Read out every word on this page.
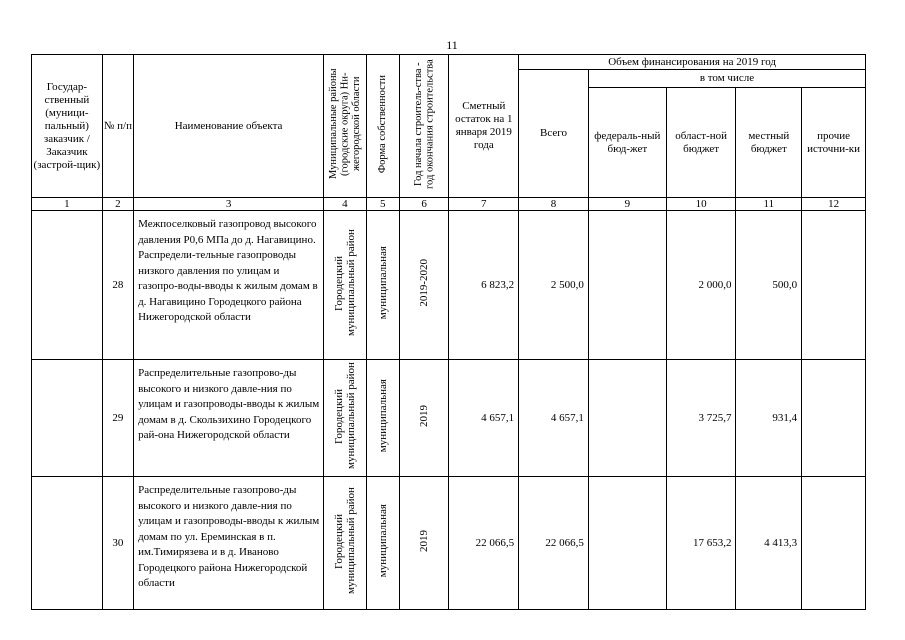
11
Государ-ственный (муници-пальный) заказчик / Заказчик (застрой-щик)	№ п/п	Наименование объекта	Муниципальные районы (городские округа) Ни-жегородской области	Форма собственности	Год начала строитель-ства - год окончания строительства	Сметный остаток на 1 января 2019 года	Объем финансирования на 2019 год				
							Всего	в том числе			
								федераль-ный бюд-жет	област-ной бюджет	местный бюджет	прочие источни-ки
1	2	3	4	5	6	7	8	9	10	11	12
	28	Межпоселковый газопровод высокого давления Р0,6 МПа до д. Нагавицино. Распредели-тельные газопроводы низкого давления по улицам и газопро-воды-вводы к жилым домам в д. Нагавицино Городецкого района Нижегородской области	Городецкий муниципальный район	муниципальная	2019-2020	6 823,2	2 500,0		2 000,0	500,0	
	29	Распределительные газопрово-ды высокого и низкого давле-ния по улицам и газопроводы-вводы к жилым домам в д. Скользихино Городецкого рай-она Нижегородской области	Городецкий муниципальный район	муниципальная	2019	4 657,1	4 657,1		3 725,7	931,4	
	30	Распределительные газопрово-ды высокого и низкого давле-ния по улицам и газопроводы-вводы к жилым домам по ул. Ереминская в п. им.Тимирязева и в д. Иваново Городецкого района Нижегородской области	Городецкий муниципальный район	муниципальная	2019	22 066,5	22 066,5		17 653,2	4 413,3	
